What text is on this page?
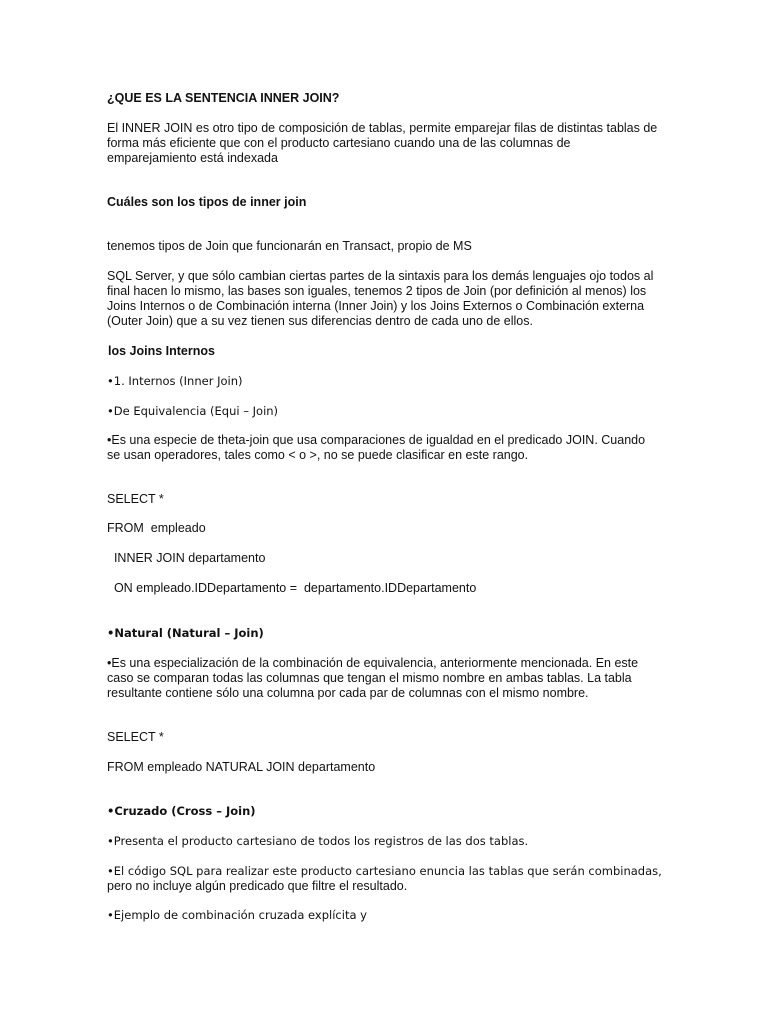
¿QUE ES LA SENTENCIA INNER JOIN?

El INNER JOIN es otro tipo de composición de tablas, permite emparejar filas de distintas tablas de

forma más eficiente que con el producto cartesiano cuando una de las columnas de

emparejamiento está indexada

Cuáles son los tipos de inner join

tenemos tipos de Join que funcionarán en Transact, propio de MS

SQL Server, y que sólo cambian ciertas partes de la sintaxis para los demás lenguajes ojo todos al

final hacen lo mismo, las bases son iguales, tenemos 2 tipos de Join (por definición al menos) los

Joins Internos o de Combinación interna (Inner Join) y los Joins Externos o Combinación externa

(Outer Join) que a su vez tienen sus diferencias dentro de cada uno de ellos.

los Joins Internos

•1. Internos (Inner Join)

•De Equivalencia (Equi – Join)

•Es una especie de theta-join que usa comparaciones de igualdad en el predicado JOIN. Cuando

se usan operadores, tales como < o >, no se puede clasificar en este rango.

SELECT *

FROM  empleado

INNER JOIN departamento

ON empleado.IDDepartamento =  departamento.IDDepartamento

•Natural (Natural – Join)

•Es una especialización de la combinación de equivalencia, anteriormente mencionada. En este

caso se comparan todas las columnas que tengan el mismo nombre en ambas tablas. La tabla

resultante contiene sólo una columna por cada par de columnas con el mismo nombre.

SELECT *

FROM empleado NATURAL JOIN departamento

•Cruzado (Cross – Join)

•Presenta el producto cartesiano de todos los registros de las dos tablas.

•El código SQL para realizar este producto cartesiano enuncia las tablas que serán combinadas,

pero no incluye algún predicado que filtre el resultado.

•Ejemplo de combinación cruzada explícita y
